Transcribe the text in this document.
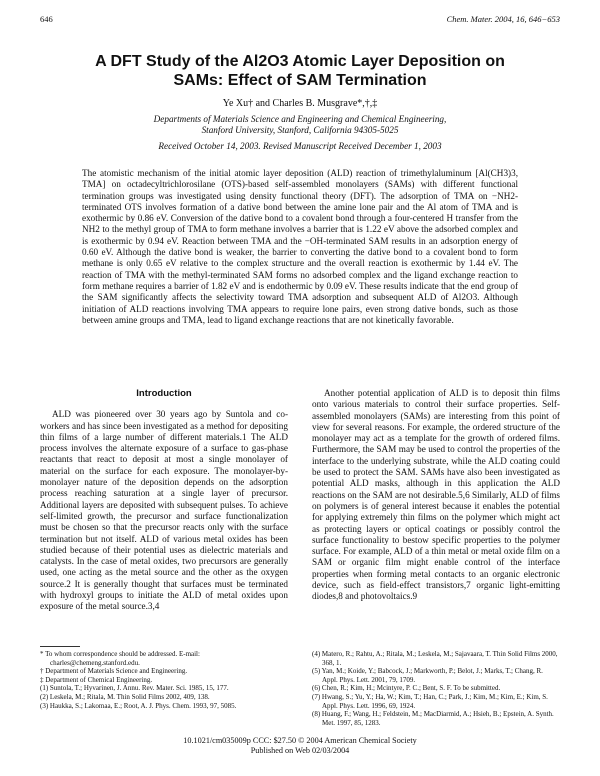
646	Chem. Mater. 2004, 16, 646−653
A DFT Study of the Al2O3 Atomic Layer Deposition on
SAMs: Effect of SAM Termination
Ye Xu† and Charles B. Musgrave*,†,‡
Departments of Materials Science and Engineering and Chemical Engineering,
Stanford University, Stanford, California 94305-5025
Received October 14, 2003. Revised Manuscript Received December 1, 2003
The atomistic mechanism of the initial atomic layer deposition (ALD) reaction of trimethylaluminum [Al(CH3)3, TMA] on octadecyltrichlorosilane (OTS)-based self-assembled monolayers (SAMs) with different functional termination groups was investigated using density functional theory (DFT). The adsorption of TMA on −NH2-terminated OTS involves formation of a dative bond between the amine lone pair and the Al atom of TMA and is exothermic by 0.86 eV. Conversion of the dative bond to a covalent bond through a four-centered H transfer from the NH2 to the methyl group of TMA to form methane involves a barrier that is 1.22 eV above the adsorbed complex and is exothermic by 0.94 eV. Reaction between TMA and the −OH-terminated SAM results in an adsorption energy of 0.60 eV. Although the dative bond is weaker, the barrier to converting the dative bond to a covalent bond to form methane is only 0.65 eV relative to the complex structure and the overall reaction is exothermic by 1.44 eV. The reaction of TMA with the methyl-terminated SAM forms no adsorbed complex and the ligand exchange reaction to form methane requires a barrier of 1.82 eV and is endothermic by 0.09 eV. These results indicate that the end group of the SAM significantly affects the selectivity toward TMA adsorption and subsequent ALD of Al2O3. Although initiation of ALD reactions involving TMA appears to require lone pairs, even strong dative bonds, such as those between amine groups and TMA, lead to ligand exchange reactions that are not kinetically favorable.
Introduction

ALD was pioneered over 30 years ago by Suntola and co-workers and has since been investigated as a method for depositing thin films of a large number of different materials.1 The ALD process involves the alternate exposure of a surface to gas-phase reactants that react to deposit at most a single monolayer of material on the surface for each exposure. The monolayer-by-monolayer nature of the deposition depends on the adsorption process reaching saturation at a single layer of precursor. Additional layers are deposited with subsequent pulses. To achieve self-limited growth, the precursor and surface functionalization must be chosen so that the precursor reacts only with the surface termination but not itself. ALD of various metal oxides has been studied because of their potential uses as dielectric materials and catalysts. In the case of metal oxides, two precursors are generally used, one acting as the metal source and the other as the oxygen source.2 It is generally thought that surfaces must be terminated with hydroxyl groups to initiate the ALD of metal oxides upon exposure of the metal source.3,4

Another potential application of ALD is to deposit thin films onto various materials to control their surface properties. Self-assembled monolayers (SAMs) are interesting from this point of view for several reasons. For example, the ordered structure of the monolayer may act as a template for the growth of ordered films. Furthermore, the SAM may be used to control the properties of the interface to the underlying substrate, while the ALD coating could be used to protect the SAM. SAMs have also been investigated as potential ALD masks, although in this application the ALD reactions on the SAM are not desirable.5,6 Similarly, ALD of films on polymers is of general interest because it enables the potential for applying extremely thin films on the polymer which might act as protecting layers or optical coatings or possibly control the surface functionality to bestow specific properties to the polymer surface. For example, ALD of a thin metal or metal oxide film on a SAM or organic film might enable control of the interface properties when forming metal contacts to an organic electronic device, such as field-effect transistors,7 organic light-emitting diodes,8 and photovoltaics.9

* To whom correspondence should be addressed. E-mail: charles@chemeng.stanford.edu.
† Department of Materials Science and Engineering.
‡ Department of Chemical Engineering.
(1) Suntola, T.; Hyvarinen, J. Annu. Rev. Mater. Sci. 1985, 15, 177.
(2) Leskela, M.; Ritala, M. Thin Solid Films 2002, 409, 138.
(3) Haukka, S.; Lakomaa, E.; Root, A. J. Phys. Chem. 1993, 97, 5085.
(4) Matero, R.; Rahtu, A.; Ritala, M.; Leskela, M.; Sajavaara, T. Thin Solid Films 2000, 368, 1.
(5) Yan, M.; Koide, Y.; Babcock, J.; Markworth, P.; Belot, J.; Marks, T.; Chang, R. Appl. Phys. Lett. 2001, 79, 1709.
(6) Chen, R.; Kim, H.; Mcintyre, P. C.; Bent, S. F. To be submitted.
(7) Hwang, S.; Yu, Y.; Ha, W.; Kim, T.; Han, C.; Park, J.; Kim, M.; Kim, E.; Kim, S. Appl. Phys. Lett. 1996, 69, 1924.
(8) Huang, F.; Wang, H.; Feldstein, M.; MacDiarmid, A.; Hsieh, B.; Epstein, A. Synth. Met. 1997, 85, 1283.
10.1021/cm035009p CCC: $27.50 © 2004 American Chemical Society
Published on Web 02/03/2004
